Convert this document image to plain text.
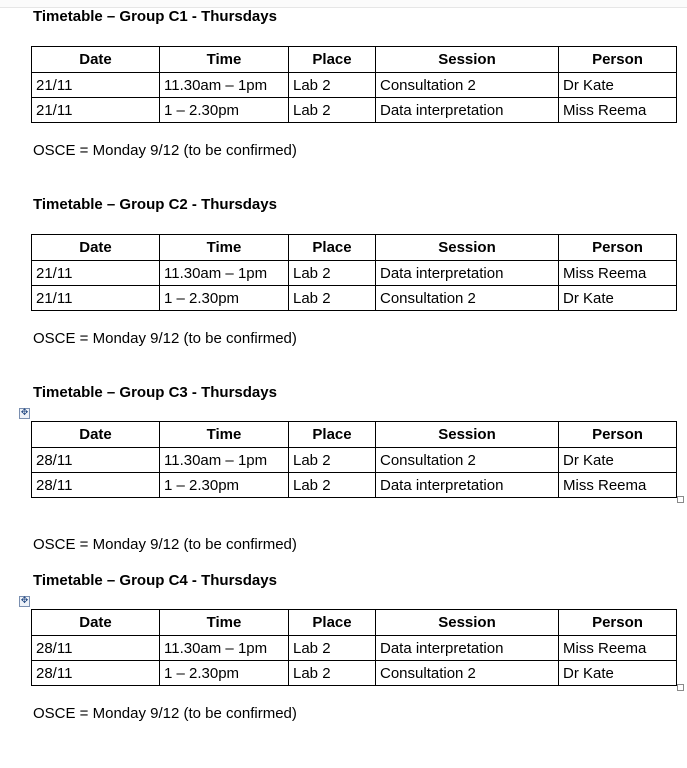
Timetable – Group C1 - Thursdays
Date	Time	Place	Session	Person
21/11	11.30am – 1pm	Lab 2	Consultation 2	Dr Kate
21/11	1 – 2.30pm	Lab 2	Data interpretation	Miss Reema
OSCE = Monday 9/12 (to be confirmed)
Timetable – Group C2 - Thursdays
Date	Time	Place	Session	Person
21/11	11.30am – 1pm	Lab 2	Data interpretation	Miss Reema
21/11	1 – 2.30pm	Lab 2	Consultation 2	Dr Kate
OSCE = Monday 9/12 (to be confirmed)
Timetable – Group C3 - Thursdays
✥
Date	Time	Place	Session	Person
28/11	11.30am – 1pm	Lab 2	Consultation 2	Dr Kate
28/11	1 – 2.30pm	Lab 2	Data interpretation	Miss Reema
OSCE = Monday 9/12 (to be confirmed)
Timetable – Group C4 - Thursdays
✥
Date	Time	Place	Session	Person
28/11	11.30am – 1pm	Lab 2	Data interpretation	Miss Reema
28/11	1 – 2.30pm	Lab 2	Consultation 2	Dr Kate
OSCE = Monday 9/12 (to be confirmed)
